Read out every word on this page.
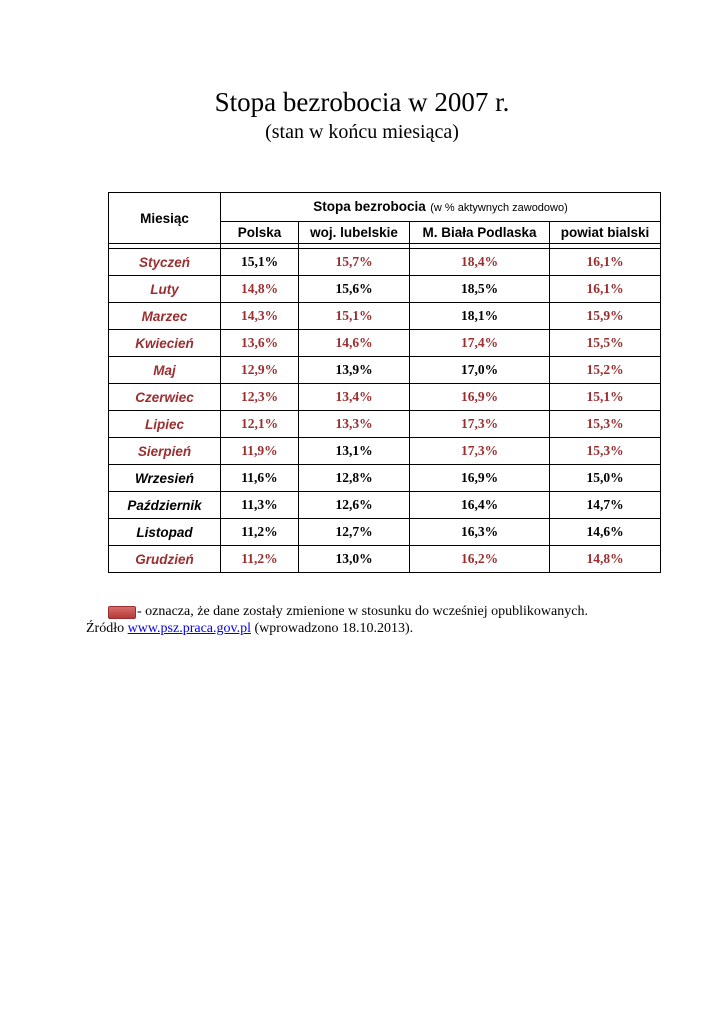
Stopa bezrobocia w 2007 r.
(stan w końcu miesiąca)
Miesiąc	Stopa bezrobocia (w % aktywnych zawodowo)			
	Polska	woj. lubelskie	M. Biała Podlaska	powiat bialski

Styczeń	15,1%	15,7%	18,4%	16,1%
Luty	14,8%	15,6%	18,5%	16,1%
Marzec	14,3%	15,1%	18,1%	15,9%
Kwiecień	13,6%	14,6%	17,4%	15,5%
Maj	12,9%	13,9%	17,0%	15,2%
Czerwiec	12,3%	13,4%	16,9%	15,1%
Lipiec	12,1%	13,3%	17,3%	15,3%
Sierpień	11,9%	13,1%	17,3%	15,3%
Wrzesień	11,6%	12,8%	16,9%	15,0%
Październik	11,3%	12,6%	16,4%	14,7%
Listopad	11,2%	12,7%	16,3%	14,6%
Grudzień	11,2%	13,0%	16,2%	14,8%
- oznacza, że dane zostały zmienione w stosunku do wcześniej opublikowanych.
Źródło www.psz.praca.gov.pl (wprowadzono 18.10.2013).
